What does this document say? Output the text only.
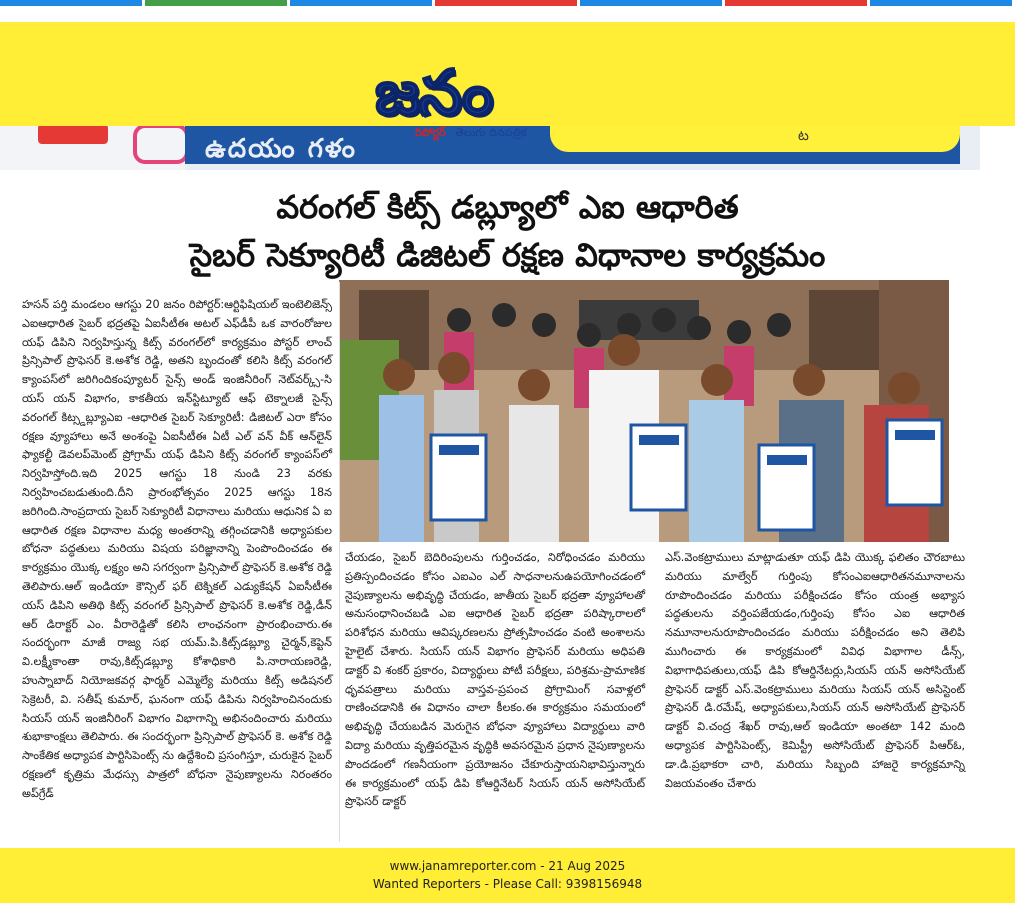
ఉదయం గళం	ట
జనం
రిపోర్టర్ తెలుగు దినపత్రిక
వరంగల్ కిట్స్ డబ్ల్యూలో ఎఐ ఆధారిత
సైబర్ సెక్యూరిటీ డిజిటల్ రక్షణ విధానాల కార్యక్రమం
హసన్ పర్తి మండలం ఆగస్టు 20 జనం రిపోర్టర్:ఆర్టిఫిషియల్ ఇంటెలిజెన్స్ ఎఐఆధారిత సైబర్ భద్రతపై ఏఐసీటీఈ అటల్ ఎఫ్‌డీపీ ఒక వారంరోజుల యఫ్ డిపిని నిర్వహిస్తున్న కిట్స్ వరంగల్‌లో కార్యక్రమం పోస్టర్ లాంచ్ ప్రిన్సిపాల్ ప్రొఫెసర్ కె.అశోక రెడ్డి, అతని బృందంతో కలిసి కిట్స్ వరంగల్ క్యాంపస్‌లో జరిగిందికంప్యూటర్ సైన్స్ అండ్ ఇంజినీరింగ్ నెట్‌వర్క్స్-సి యస్ యన్ విభాగం, కాకతీయ ఇన్‌స్టిట్యూట్ ఆఫ్ టెక్నాలజీ సైన్స్ వరంగల్ కిట్స్డబ్ల్యూఎఐ -ఆధారిత సైబర్ సెక్యూరిటీ: డిజిటల్ ఎరా కోసం రక్షణ వ్యూహాలు అనే అంశంపై ఏఐసీటీఈ ఏటీ ఎల్ వన్ వీక్ ఆన్‌లైన్ ఫ్యాకల్టీ డెవలప్‌మెంట్ ప్రోగ్రామ్ యఫ్ డిపిని కిట్స్ వరంగల్ క్యాంపస్‌లో నిర్వహిస్తోంది.ఇది 2025 ఆగస్టు 18 నుండి 23 వరకు నిర్వహించబడుతుంది.దీని ప్రారంభోత్సవం 2025 ఆగస్టు 18న జరిగింది.సాంప్రదాయ సైబర్ సెక్యూరిటీ విధానాలు మరియు ఆధునిక ఏ ఐ ఆధారిత రక్షణ విధానాల మధ్య అంతరాన్ని తగ్గించడానికి అధ్యాపకుల బోధనా పద్ధతులు మరియు విషయ పరిజ్ఞానాన్ని పెంపొందించడం ఈ కార్యక్రమం యొక్క లక్ష్యం అని సగర్వంగా ప్రిన్సిపాల్ ప్రొఫెసర్ కె.అశోక రెడ్డి తెలిపారు.ఆల్ ఇండియా కౌన్సిల్ ఫర్ టెక్నికల్ ఎడ్యుకేషన్ ఏఐసీటీఈ యస్ డిపిని అతిథి కిట్స్ వరంగల్ ప్రిన్సిపాల్ ప్రొఫెసర్ కె.అశోక రెడ్డి,డీన్ ఆర్ డిరాక్టర్ ఎం. వీరారెడ్డితో కలిసి లాంఛనంగా ప్రారంభించారు.ఈ సందర్భంగా మాజీ రాజ్య సభ యమ్.పి.కిట్స్‌డబ్ల్యూ చైర్మన్,కెప్టెన్ వి.లక్ష్మీకాంతా రావు,కిట్స్‌డబ్ల్యూ కోశాధికారి పి.నారాయణరెడ్డి, హుస్నాబాద్ నియోజకవర్గ ఫార్మర్ ఎమ్మెల్యే మరియు కిట్స్ అడిషనల్ సెక్రెటరీ, వి. సతీష్ కుమార్, ఘనంగా యఫ్ డిపిను నిర్వహించినందుకు సియస్ యన్ ఇంజినీరింగ్ విభాగం విభాగాన్ని అభినందించారు మరియు శుభాకాంక్షలు తెలిపారు. ఈ సందర్భంగా ప్రిన్సిపాల్ ప్రొఫెసర్ కె. అశోక రెడ్డి సాంకేతిక అధ్యాపక పార్టిసిపెంట్స్ ను ఉద్దేశించి ప్రసంగిస్తూ, చురుకైన సైబర్ రక్షణలో కృత్రిమ మేధస్సు పాత్రలో బోధనా నైపుణ్యాలను నిరంతరం అప్‌గ్రేడ్
చేయడం, సైబర్ బెదిరింపులను గుర్తించడం, నిరోధించడం మరియు ప్రతిస్పందించడం కోసం ఎఐఎం ఎల్ సాధనాలనుఉపయోగించడంలో నైపుణ్యాలను అభివృద్ధి చేయడం, జాతీయ సైబర్ భద్రతా వ్యూహాలతో అనుసంధానించబడి ఎఐ ఆధారిత సైబర్ భద్రతా పరిష్కారాలలో పరిశోధన మరియు ఆవిష్కరణలను ప్రోత్సహించడం వంటి అంశాలను హైలైట్ చేశారు. సియస్ యన్ విభాగం ప్రొఫెసర్ మరియు అధిపతి డాక్టర్ వి శంకర్ ప్రకారం, విద్యార్థులు పోటీ పరీక్షలు, పరిశ్రమ-ప్రామాణిక ధృవపత్రాలు మరియు వాస్తవ-ప్రపంచ ప్రోగ్రామింగ్ సవాళ్లలో రాణించడానికి ఈ విధానం చాలా కీలకం.ఈ కార్యక్రమం సమయంలో అభివృద్ధి చేయబడిన మెరుగైన బోధనా వ్యూహాలు విద్యార్థులు వారి విద్యా మరియు వృత్తిపరమైన వృద్ధికి అవసరమైన ప్రధాన నైపుణ్యాలను పొందడంలో గణనీయంగా ప్రయోజనం చేకూరుస్తాయనిభావిస్తున్నారు ఈ కార్యక్రమంలో యఫ్ డిపి కోఆర్డినేటర్ సియస్ యన్ అసోసియేట్ ప్రొఫెసర్ డాక్టర్
ఎస్.వెంకట్రాములు మాట్లాడుతూ యఫ్ డిపి యొక్క ఫలితం చౌరబాటు మరియు మాల్వేర్ గుర్తింపు కోసంఎఐఆధారితనమూనాలను రూపొందించడం మరియు పరీక్షించడం కోసం యంత్ర అభ్యాస పద్ధతులను వర్తింపజేయడం,గుర్తింపు కోసం ఎఐ ఆధారిత నమూనాలనురూపొందించడం మరియు పరీక్షించడం అని తెలిపి ముగించారు ఈ కార్యక్రమంలో వివిధ విభాగాల డీన్స్, విభాగాధిపతులు,యఫ్ డిపి కోఆర్డినేటర్లు,సియస్ యన్ అసోసియేట్ ప్రొఫెసర్ డాక్టర్ ఎస్.వెంకట్రాములు మరియు సియస్ యన్ అసిస్టెంట్ ప్రొఫెసర్ డి.రమేష్, అధ్యాపకులు,సియస్ యన్ అసోసియేట్ ప్రొఫెసర్ డాక్టర్ వి.చంద్ర శేఖర్ రావు,ఆల్ ఇండియా అంతటా 142 మంది అధ్యాపక పార్టిసిపెంట్స్, కెమిస్ట్రీ అసోసియేట్ ప్రొఫెసర్ పిఆర్ఓ, డా.డి.ప్రభాకరా చారి, మరియు సిబ్బంది హాజరై కార్యక్రమాన్ని విజయవంతం చేశారు
www.janamreporter.com - 21 Aug 2025
Wanted Reporters - Please Call: 9398156948
